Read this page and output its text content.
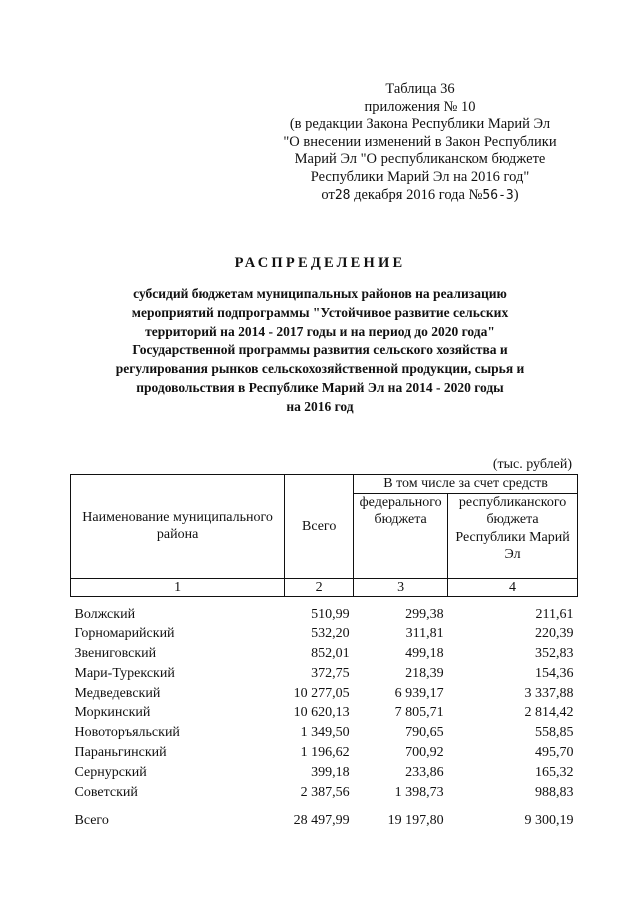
Таблица 36
приложения № 10
(в редакции Закона Республики Марий Эл
"О внесении изменений в Закон Республики
Марий Эл "О республиканском бюджете
Республики Марий Эл на 2016 год"
от28 декабря 2016 года №56-З)
РАСПРЕДЕЛЕНИЕ
субсидий бюджетам муниципальных районов на реализацию
мероприятий подпрограммы "Устойчивое развитие сельских
территорий на 2014 - 2017 годы и на период до 2020 года"
Государственной программы развития сельского хозяйства и
регулирования рынков сельскохозяйственной продукции, сырья и
продовольствия в Республике Марий Эл на 2014 - 2020 годы
на 2016 год
(тыс. рублей)
Наименование муниципального района	Всего	В том числе за счет средств	
		федерального бюджета	республиканского бюджета Республики Марий Эл
1	2	3	4

Волжский	510,99	299,38	211,61
Горномарийский	532,20	311,81	220,39
Звениговский	852,01	499,18	352,83
Мари-Турекский	372,75	218,39	154,36
Медведевский	10 277,05	6 939,17	3 337,88
Моркинский	10 620,13	7 805,71	2 814,42
Новоторъяльский	1 349,50	790,65	558,85
Параньгинский	1 196,62	700,92	495,70
Сернурский	399,18	233,86	165,32
Советский	2 387,56	1 398,73	988,83
Всего	28 497,99	19 197,80	9 300,19
